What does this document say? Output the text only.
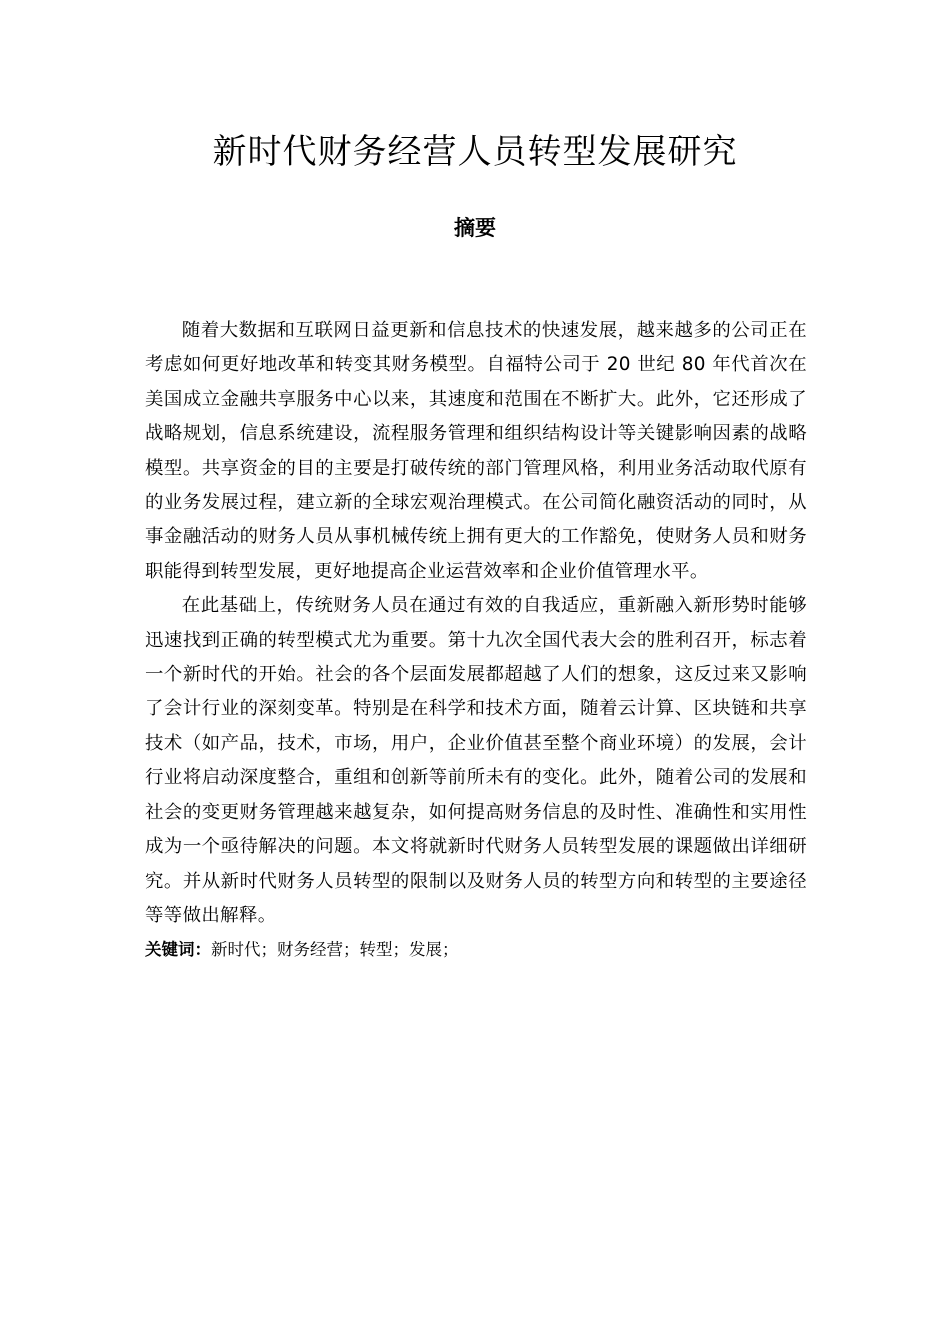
新时代财务经营人员转型发展研究
摘要

随着大数据和互联网日益更新和信息技术的快速发展，越来越多的公司正在考虑如何更好地改革和转变其财务模型。自福特公司于 20 世纪 80 年代首次在美国成立金融共享服务中心以来，其速度和范围在不断扩大。此外，它还形成了战略规划，信息系统建设，流程服务管理和组织结构设计等关键影响因素的战略模型。共享资金的目的主要是打破传统的部门管理风格，利用业务活动取代原有的业务发展过程，建立新的全球宏观治理模式。在公司简化融资活动的同时，从事金融活动的财务人员从事机械传统上拥有更大的工作豁免，使财务人员和财务职能得到转型发展，更好地提高企业运营效率和企业价值管理水平。

在此基础上，传统财务人员在通过有效的自我适应，重新融入新形势时能够迅速找到正确的转型模式尤为重要。第十九次全国代表大会的胜利召开，标志着一个新时代的开始。社会的各个层面发展都超越了人们的想象，这反过来又影响了会计行业的深刻变革。特别是在科学和技术方面，随着云计算、区块链和共享技术（如产品，技术，市场，用户，企业价值甚至整个商业环境）的发展，会计行业将启动深度整合，重组和创新等前所未有的变化。此外，随着公司的发展和社会的变更财务管理越来越复杂，如何提高财务信息的及时性、准确性和实用性成为一个亟待解决的问题。本文将就新时代财务人员转型发展的课题做出详细研究。并从新时代财务人员转型的限制以及财务人员的转型方向和转型的主要途径等等做出解释。

关键词：新时代；财务经营；转型；发展；
